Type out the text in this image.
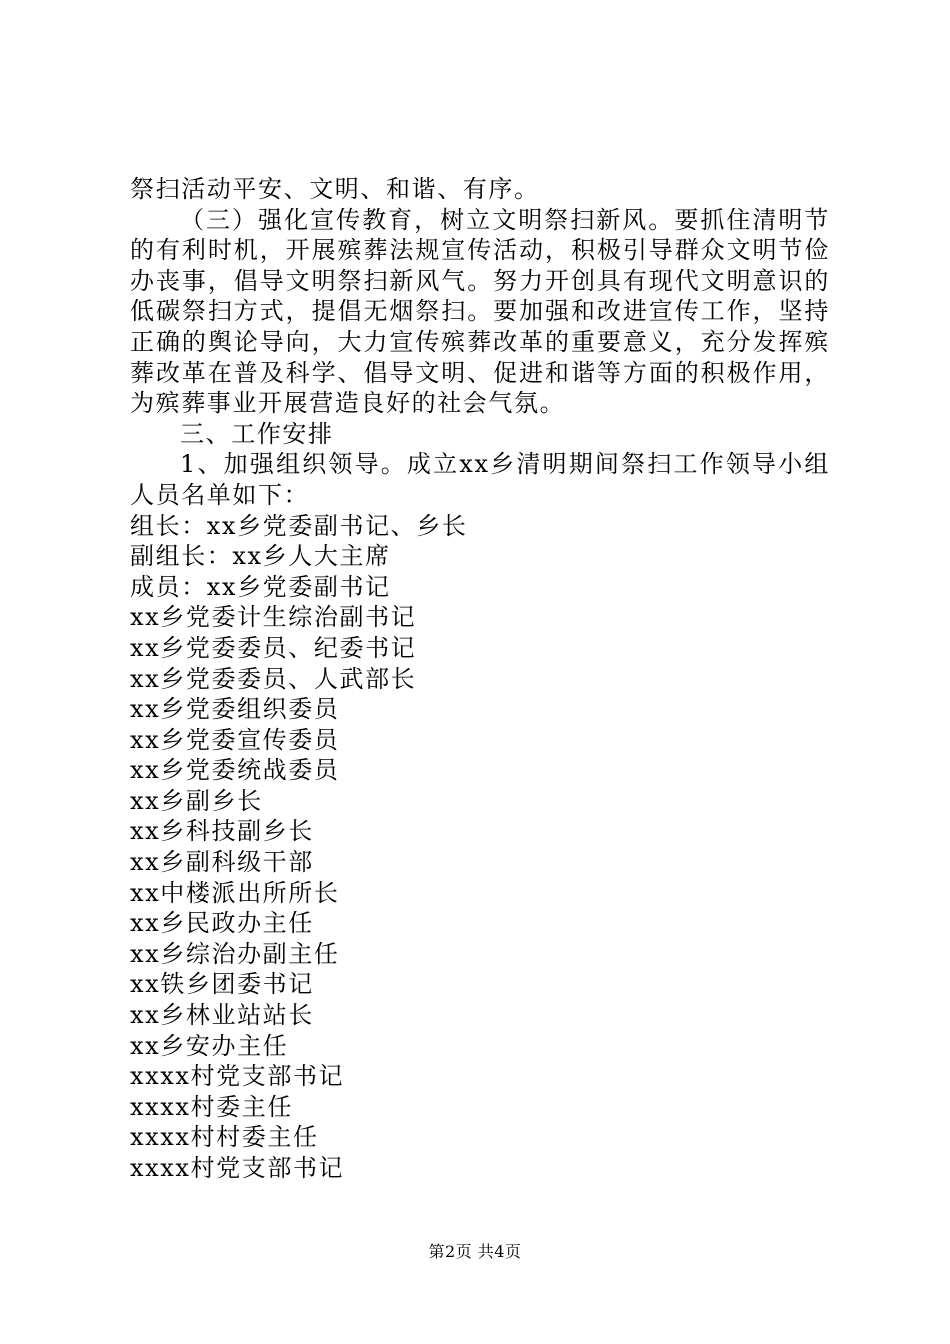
祭扫活动平安、文明、和谐、有序。

（三）强化宣传教育，树立文明祭扫新风。要抓住清明节的有利时机，开展殡葬法规宣传活动，积极引导群众文明节俭办丧事，倡导文明祭扫新风气。努力开创具有现代文明意识的低碳祭扫方式，提倡无烟祭扫。要加强和改进宣传工作，坚持正确的舆论导向，大力宣传殡葬改革的重要意义，充分发挥殡葬改革在普及科学、倡导文明、促进和谐等方面的积极作用，为殡葬事业开展营造良好的社会气氛。

三、工作安排

1、加强组织领导。成立xx乡清明期间祭扫工作领导小组人员名单如下：

组长：xx乡党委副书记、乡长

副组长：xx乡人大主席

成员：xx乡党委副书记

xx乡党委计生综治副书记

xx乡党委委员、纪委书记

xx乡党委委员、人武部长

xx乡党委组织委员

xx乡党委宣传委员

xx乡党委统战委员

xx乡副乡长

xx乡科技副乡长

xx乡副科级干部

xx中楼派出所所长

xx乡民政办主任

xx乡综治办副主任

xx铁乡团委书记

xx乡林业站站长

xx乡安办主任

xxxx村党支部书记

xxxx村委主任

xxxx村村委主任

xxxx村党支部书记

第2页 共4页
